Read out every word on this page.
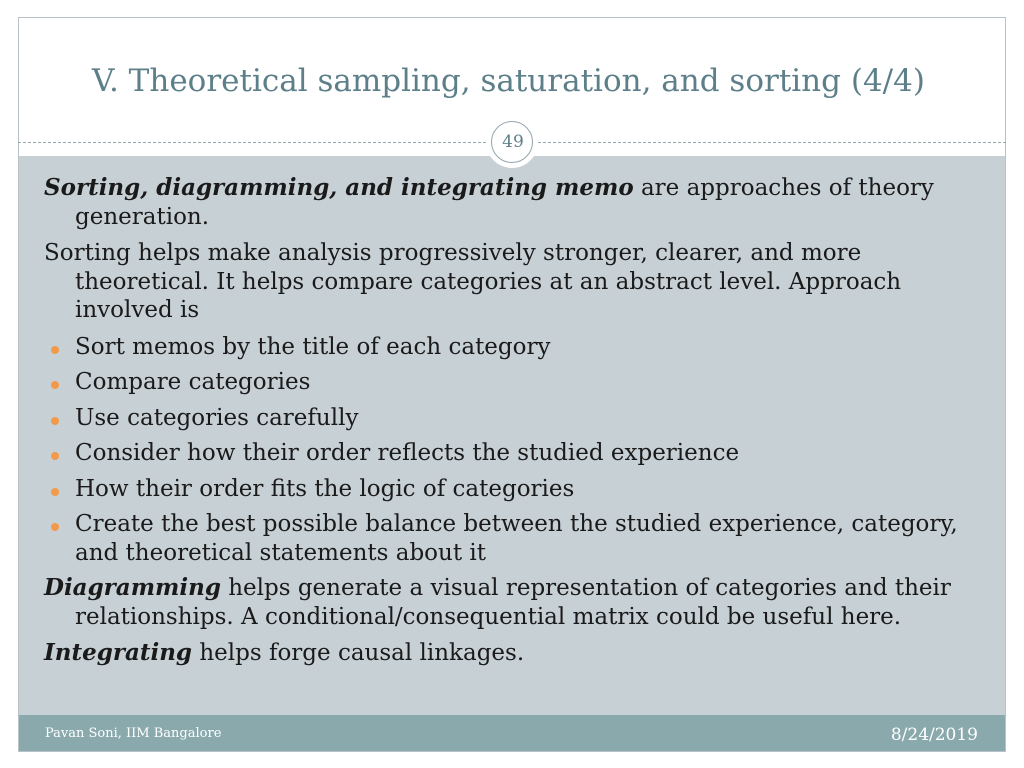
V. Theoretical sampling, saturation, and sorting (4/4)
Pavan Soni, IIM Bangalore	8/24/2019
49

Sorting, diagramming, and integrating memo are approaches of theory generation.

Sorting helps make analysis progressively stronger, clearer, and more theoretical. It helps compare categories at an abstract level. Approach involved is

Sort memos by the title of each category
Compare categories
Use categories carefully
Consider how their order reflects the studied experience
How their order fits the logic of categories
Create the best possible balance between the studied experience, category, and theoretical statements about it

Diagramming helps generate a visual representation of categories and their relationships. A conditional/consequential matrix could be useful here.

Integrating helps forge causal linkages.
